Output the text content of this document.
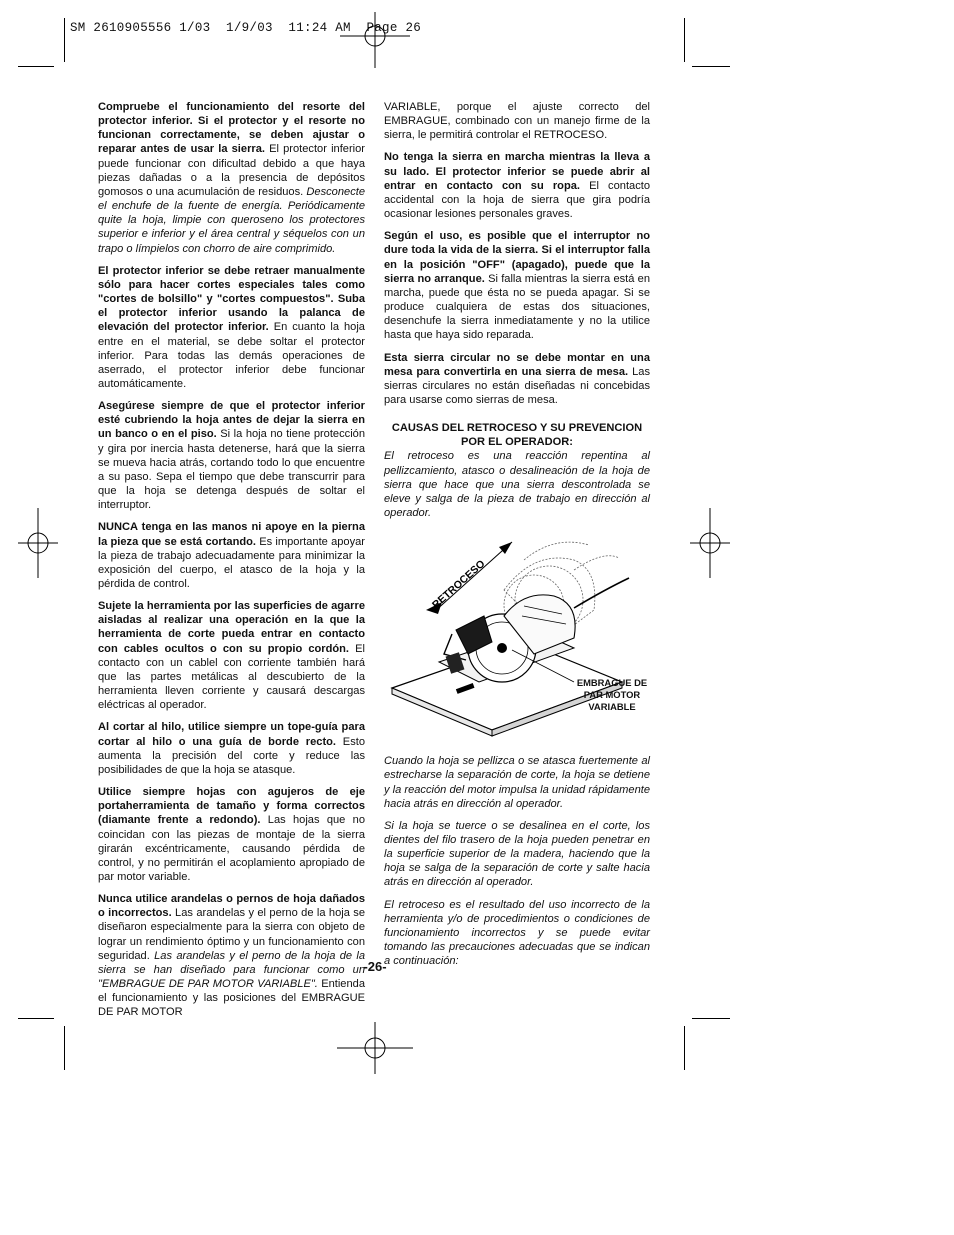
SM 2610905556 1/03  1/9/03  11:24 AM  Page 26

Compruebe el funcionamiento del resorte del protector inferior. Si el protector y el resorte no funcionan correctamente, se deben ajustar o reparar antes de usar la sierra. El protector inferior puede funcionar con dificultad debido a que haya piezas dañadas o a la presencia de depósitos gomosos o una acumulación de residuos. Desconecte el enchufe de la fuente de energía. Periódicamente quite la hoja, limpie con queroseno los protectores superior e inferior y el área central y séquelos con un trapo o límpielos con chorro de aire comprimido.

El protector inferior se debe retraer manualmente sólo para hacer cortes especiales tales como "cortes de bolsillo" y "cortes compuestos". Suba el protector inferior usando la palanca de elevación del protector inferior. En cuanto la hoja entre en el material, se debe soltar el protector inferior. Para todas las demás operaciones de aserrado, el protector inferior debe funcionar automáticamente.

Asegúrese siempre de que el protector inferior esté cubriendo la hoja antes de dejar la sierra en un banco o en el piso. Si la hoja no tiene protección y gira por inercia hasta detenerse, hará que la sierra se mueva hacia atrás, cortando todo lo que encuentre a su paso. Sepa el tiempo que debe transcurrir para que la hoja se detenga después de soltar el interruptor.

NUNCA tenga en las manos ni apoye en la pierna la pieza que se está cortando. Es importante apoyar la pieza de trabajo adecuadamente para minimizar la exposición del cuerpo, el atasco de la hoja y la pérdida de control.

Sujete la herramienta por las superficies de agarre aisladas al realizar una operación en la que la herramienta de corte pueda entrar en contacto con cables ocultos o con su propio cordón. El contacto con un cablel con corriente también hará que las partes metálicas al descubierto de la herramienta lleven corriente y causará descargas eléctricas al operador.

Al cortar al hilo, utilice siempre un tope-guía para cortar al hilo o una guía de borde recto. Esto aumenta la precisión del corte y reduce las posibilidades de que la hoja se atasque.

Utilice siempre hojas con agujeros de eje portaherramienta de tamaño y forma correctos (diamante frente a redondo). Las hojas que no coincidan con las piezas de montaje de la sierra girarán excéntricamente, causando pérdida de control, y no permitirán el acoplamiento apropiado de par motor variable.

Nunca utilice arandelas o pernos de hoja dañados o incorrectos. Las arandelas y el perno de la hoja se diseñaron especialmente para la sierra con objeto de lograr un rendimiento óptimo y un funcionamiento con seguridad. Las arandelas y el perno de la hoja de la sierra se han diseñado para funcionar como un "EMBRAGUE DE PAR MOTOR VARIABLE". Entienda el funcionamiento y las posiciones del EMBRAGUE DE PAR MOTOR

VARIABLE, porque el ajuste correcto del EMBRAGUE, combinado con un manejo firme de la sierra, le permitirá controlar el RETROCESO.

No tenga la sierra en marcha mientras la lleva a su lado. El protector inferior se puede abrir al entrar en contacto con su ropa. El contacto accidental con la hoja de sierra que gira podría ocasionar lesiones personales graves.

Según el uso, es posible que el interruptor no dure toda la vida de la sierra. Si el interruptor falla en la posición "OFF" (apagado), puede que la sierra no arranque. Si falla mientras la sierra está en marcha, puede que ésta no se pueda apagar. Si se produce cualquiera de estas dos situaciones, desenchufe la sierra inmediatamente y no la utilice hasta que haya sido reparada.

Esta sierra circular no se debe montar en una mesa para convertirla en una sierra de mesa. Las sierras circulares no están diseñadas ni concebidas para usarse como sierras de mesa.

CAUSAS DEL RETROCESO Y SU PREVENCION

POR EL OPERADOR:

El retroceso es una reacción repentina al pellizcamiento, atasco o desalineación de la hoja de sierra que hace que una sierra descontrolada se eleve y salga de la pieza de trabajo en dirección al operador.

RETROCESO
EMBRAGUE DE
PAR MOTOR
VARIABLE

Cuando la hoja se pellizca o se atasca fuertemente al estrecharse la separación de corte, la hoja se detiene y la reacción del motor impulsa la unidad rápidamente hacia atrás en dirección al operador.

Si la hoja se tuerce o se desalinea en el corte, los dientes del filo trasero de la hoja pueden penetrar en la superficie superior de la madera, haciendo que la hoja se salga de la separación de corte y salte hacia atrás en dirección al operador.

El retroceso es el resultado del uso incorrecto de la herramienta y/o de procedimientos o condiciones de funcionamiento incorrectos y se puede evitar tomando las precauciones adecuadas que se indican a continuación:

-26-
